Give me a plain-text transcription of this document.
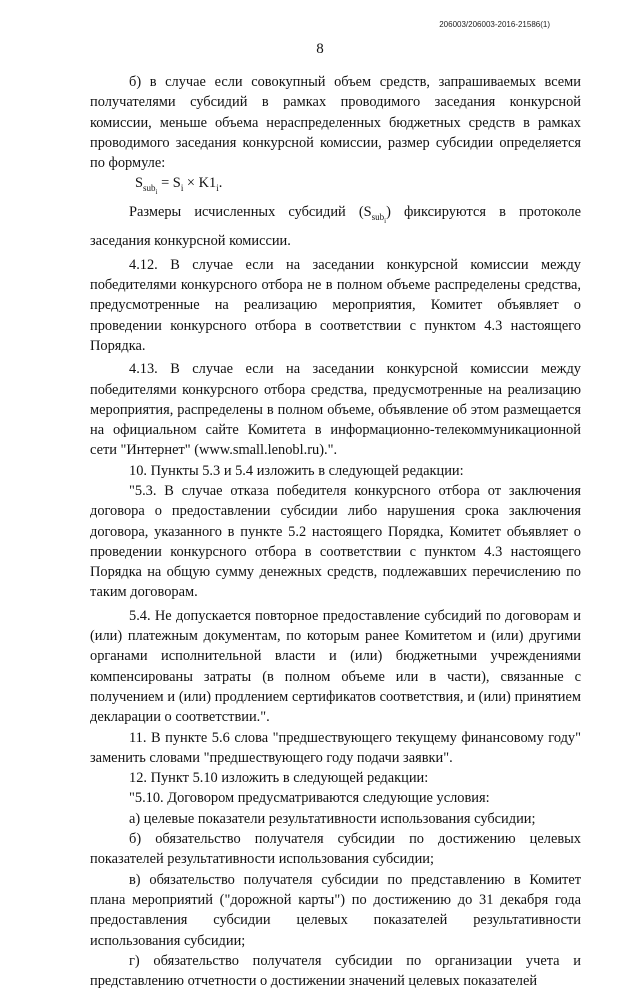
206003/206003-2016-21586(1)
8

б) в случае если совокупный объем средств, запрашиваемых всеми получателями субсидий в рамках проводимого заседания конкурсной комиссии, меньше объема нераспределенных бюджетных средств в рамках проводимого заседания конкурсной комиссии, размер субсидии определяется по формуле:

$S_{sub_i} = S_i \times K1_i$.

Размеры исчисленных субсидий $(S_{sub_i})$ фиксируются в протоколе заседания конкурсной комиссии.

4.12. В случае если на заседании конкурсной комиссии между победителями конкурсного отбора не в полном объеме распределены средства, предусмотренные на реализацию мероприятия, Комитет объявляет о проведении конкурсного отбора в соответствии с пунктом 4.3 настоящего Порядка.

4.13. В случае если на заседании конкурсной комиссии между победителями конкурсного отбора средства, предусмотренные на реализацию мероприятия, распределены в полном объеме, объявление об этом размещается на официальном сайте Комитета в информационно-телекоммуникационной сети "Интернет" (www.small.lenobl.ru).".

10. Пункты 5.3 и 5.4 изложить в следующей редакции:

"5.3. В случае отказа победителя конкурсного отбора от заключения договора о предоставлении субсидии либо нарушения срока заключения договора, указанного в пункте 5.2 настоящего Порядка, Комитет объявляет о проведении конкурсного отбора в соответствии с пунктом 4.3 настоящего Порядка на общую сумму денежных средств, подлежавших перечислению по таким договорам.

5.4. Не допускается повторное предоставление субсидий по договорам и (или) платежным документам, по которым ранее Комитетом и (или) другими органами исполнительной власти и (или) бюджетными учреждениями компенсированы затраты (в полном объеме или в части), связанные с получением и (или) продлением сертификатов соответствия, и (или) принятием декларации о соответствии.".

11. В пункте 5.6 слова "предшествующего текущему финансовому году" заменить словами "предшествующего году подачи заявки".

12. Пункт 5.10 изложить в следующей редакции:

"5.10. Договором предусматриваются следующие условия:

а) целевые показатели результативности использования субсидии;

б) обязательство получателя субсидии по достижению целевых показателей результативности использования субсидии;

в) обязательство получателя субсидии по представлению в Комитет плана мероприятий ("дорожной карты") по достижению до 31 декабря года предоставления субсидии целевых показателей результативности использования субсидии;

г) обязательство получателя субсидии по организации учета и представлению отчетности о достижении значений целевых показателей
